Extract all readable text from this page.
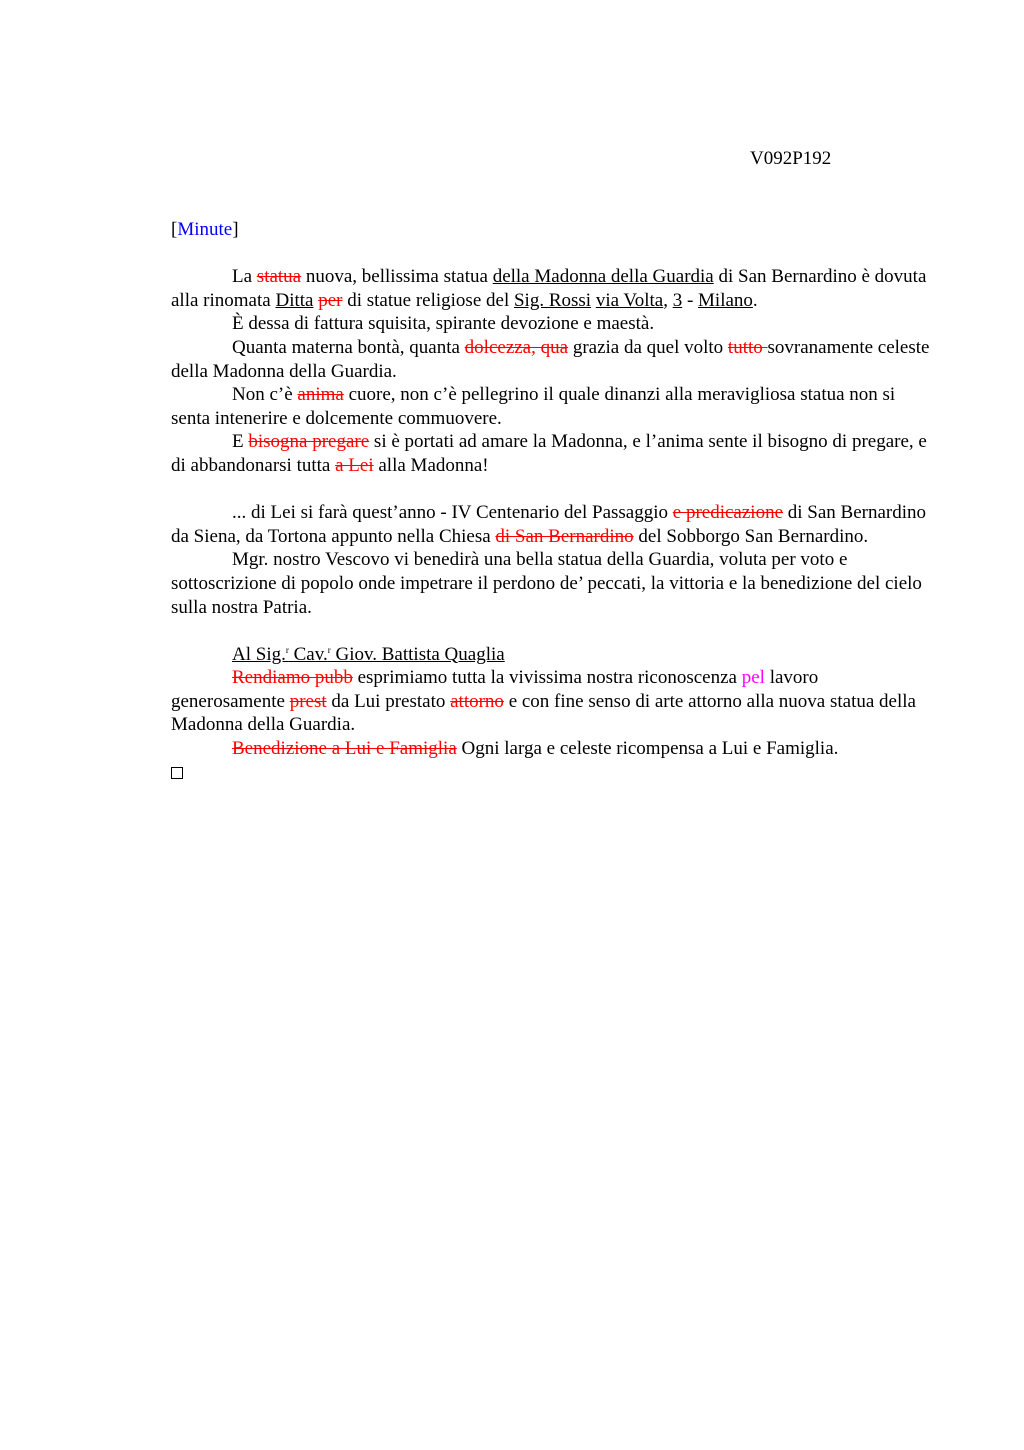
V092P192
[Minute]

La statua nuova, bellissima statua della Madonna della Guardia di San Bernardino è dovuta alla rinomata Ditta per di statue religiose del Sig. Rossi via Volta, 3 - Milano.

È dessa di fattura squisita, spirante devozione e maestà.

Quanta materna bontà, quanta dolcezza, qua grazia da quel volto tutto sovranamente celeste della Madonna della Guardia.

Non c’è anima cuore, non c’è pellegrino il quale dinanzi alla meravigliosa statua non si senta intenerire e dolcemente commuovere.

E bisogna pregare si è portati ad amare la Madonna, e l’anima sente il bisogno di pregare, e di abbandonarsi tutta a Lei alla Madonna!

... di Lei si farà quest’anno - IV Centenario del Passaggio e predicazione di San Bernardino da Siena, da Tortona appunto nella Chiesa di San Bernardino del Sobborgo San Bernardino.

Mgr. nostro Vescovo vi benedirà una bella statua della Guardia, voluta per voto e sottoscrizione di popolo onde impetrare il perdono de’ peccati, la vittoria e la benedizione del cielo sulla nostra Patria.

Al Sig.$^r$ Cav.$^r$ Giov. Battista Quaglia

Rendiamo pubb esprimiamo tutta la vivissima nostra riconoscenza pel lavoro generosamente prest da Lui prestato attorno e con fine senso di arte attorno alla nuova statua della Madonna della Guardia.

Benedizione a Lui e Famiglia Ogni larga e celeste ricompensa a Lui e Famiglia.
